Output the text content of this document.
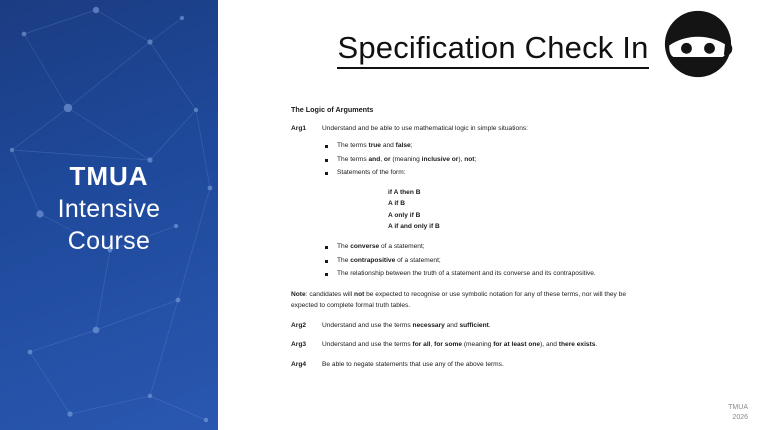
TMUA
Intensive
Course
Specification Check In
The Logic of Arguments
Arg1	Understand and be able to use mathematical logic in simple situations:
The terms true and false;
The terms and, or (meaning inclusive or), not;
Statements of the form:
if A then B
A if B
A only if B
A if and only if B
The converse of a statement;
The contrapositive of a statement;
The relationship between the truth of a statement and its converse and its contrapositive.
Note: candidates will not be expected to recognise or use symbolic notation for any of these terms, nor will they be expected to complete formal truth tables.
Arg2	Understand and use the terms necessary and sufficient.
Arg3	Understand and use the terms for all, for some (meaning for at least one), and there exists.
Arg4	Be able to negate statements that use any of the above terms.
TMUA
2026
